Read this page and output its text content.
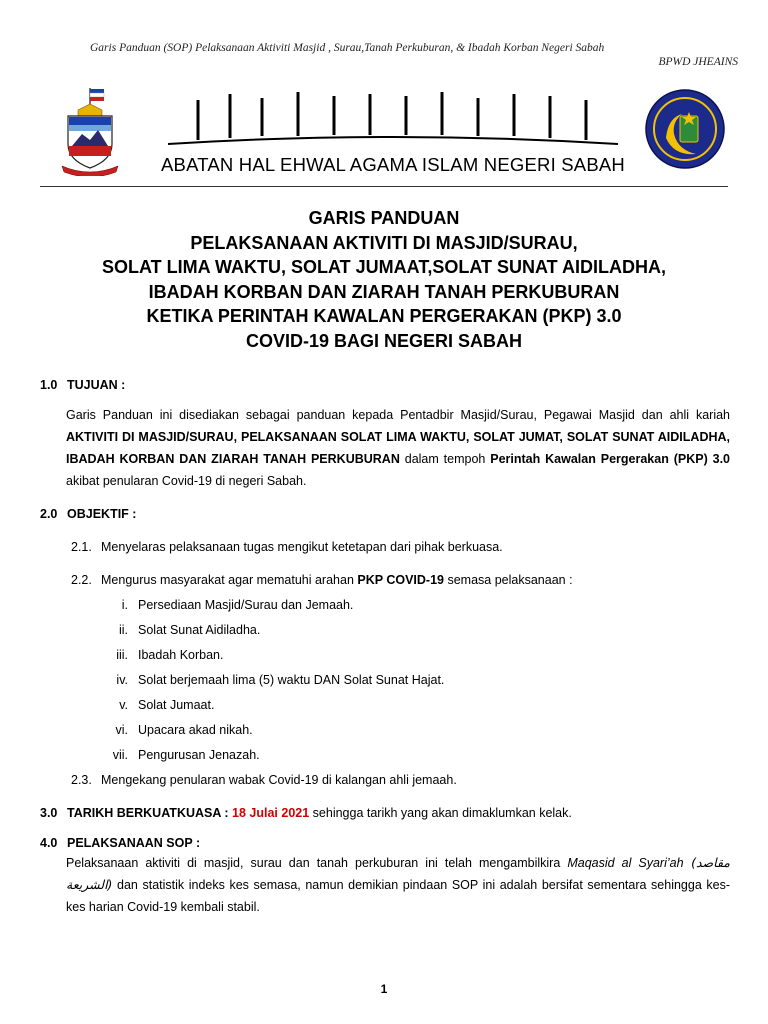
Garis Panduan (SOP) Pelaksanaan Aktiviti Masjid , Surau,Tanah Perkuburan, & Ibadah Korban Negeri Sabah
BPWD JHEAINS
ABATAN HAL EHWAL AGAMA ISLAM NEGERI SABAH
GARIS PANDUAN
PELAKSANAAN AKTIVITI DI MASJID/SURAU,
SOLAT LIMA WAKTU, SOLAT JUMAAT,SOLAT SUNAT AIDILADHA,
IBADAH KORBAN DAN ZIARAH TANAH PERKUBURAN
KETIKA PERINTAH KAWALAN PERGERAKAN (PKP) 3.0
COVID-19 BAGI NEGERI SABAH
1.0 TUJUAN :
Garis Panduan ini disediakan sebagai panduan kepada Pentadbir Masjid/Surau, Pegawai Masjid dan ahli kariah AKTIVITI DI MASJID/SURAU, PELAKSANAAN SOLAT LIMA WAKTU, SOLAT JUMAT, SOLAT SUNAT AIDILADHA, IBADAH KORBAN DAN ZIARAH TANAH PERKUBURAN dalam tempoh Perintah Kawalan Pergerakan (PKP) 3.0 akibat penularan Covid-19 di negeri Sabah.
2.0 OBJEKTIF :
2.1. Menyelaras pelaksanaan tugas mengikut ketetapan dari pihak berkuasa.
2.2. Mengurus masyarakat agar mematuhi arahan PKP COVID-19 semasa pelaksanaan :
i. Persediaan Masjid/Surau dan Jemaah.
ii. Solat Sunat Aidiladha.
iii. Ibadah Korban.
iv. Solat berjemaah lima (5) waktu DAN Solat Sunat Hajat.
v. Solat Jumaat.
vi. Upacara akad nikah.
vii. Pengurusan Jenazah.
2.3. Mengekang penularan wabak Covid-19 di kalangan ahli jemaah.
3.0 TARIKH BERKUATKUASA : 18 Julai 2021 sehingga tarikh yang akan dimaklumkan kelak.
4.0 PELAKSANAAN SOP :
Pelaksanaan aktiviti di masjid, surau dan tanah perkuburan ini telah mengambilkira Maqasid al Syari’ah (مقاصد الشريعة) dan statistik indeks kes semasa, namun demikian pindaan SOP ini adalah bersifat sementara sehingga kes-kes harian Covid-19 kembali stabil.
1
